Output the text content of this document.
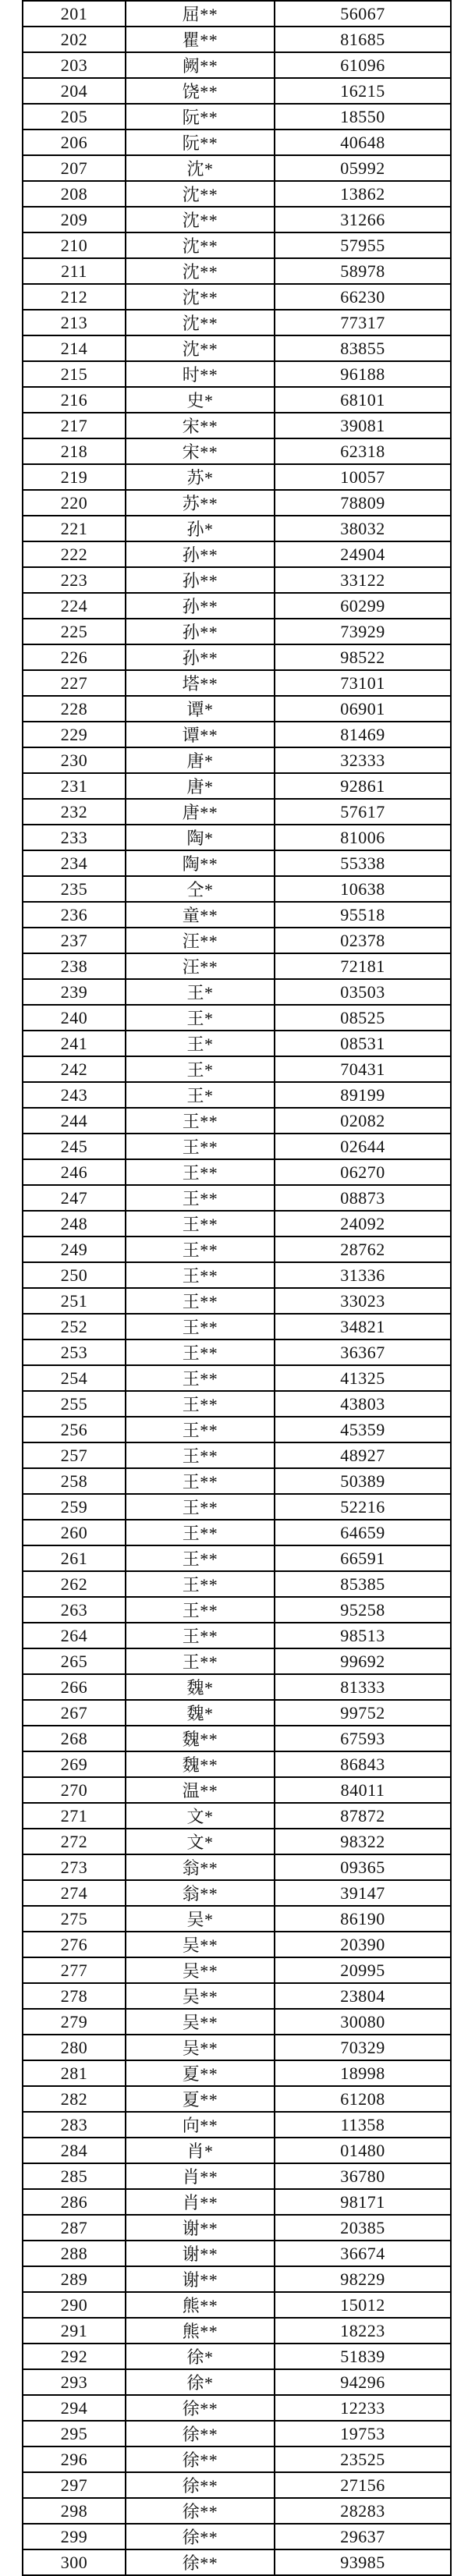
201	屈**	56067
202	瞿**	81685
203	阙**	61096
204	饶**	16215
205	阮**	18550
206	阮**	40648
207	沈*	05992
208	沈**	13862
209	沈**	31266
210	沈**	57955
211	沈**	58978
212	沈**	66230
213	沈**	77317
214	沈**	83855
215	时**	96188
216	史*	68101
217	宋**	39081
218	宋**	62318
219	苏*	10057
220	苏**	78809
221	孙*	38032
222	孙**	24904
223	孙**	33122
224	孙**	60299
225	孙**	73929
226	孙**	98522
227	塔**	73101
228	谭*	06901
229	谭**	81469
230	唐*	32333
231	唐*	92861
232	唐**	57617
233	陶*	81006
234	陶**	55338
235	仝*	10638
236	童**	95518
237	汪**	02378
238	汪**	72181
239	王*	03503
240	王*	08525
241	王*	08531
242	王*	70431
243	王*	89199
244	王**	02082
245	王**	02644
246	王**	06270
247	王**	08873
248	王**	24092
249	王**	28762
250	王**	31336
251	王**	33023
252	王**	34821
253	王**	36367
254	王**	41325
255	王**	43803
256	王**	45359
257	王**	48927
258	王**	50389
259	王**	52216
260	王**	64659
261	王**	66591
262	王**	85385
263	王**	95258
264	王**	98513
265	王**	99692
266	魏*	81333
267	魏*	99752
268	魏**	67593
269	魏**	86843
270	温**	84011
271	文*	87872
272	文*	98322
273	翁**	09365
274	翁**	39147
275	吴*	86190
276	吴**	20390
277	吴**	20995
278	吴**	23804
279	吴**	30080
280	吴**	70329
281	夏**	18998
282	夏**	61208
283	向**	11358
284	肖*	01480
285	肖**	36780
286	肖**	98171
287	谢**	20385
288	谢**	36674
289	谢**	98229
290	熊**	15012
291	熊**	18223
292	徐*	51839
293	徐*	94296
294	徐**	12233
295	徐**	19753
296	徐**	23525
297	徐**	27156
298	徐**	28283
299	徐**	29637
300	徐**	93985
